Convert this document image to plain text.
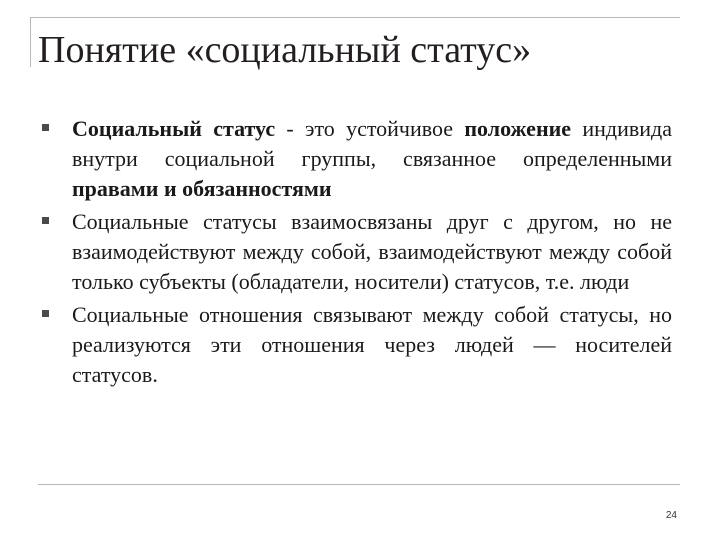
Понятие «социальный статус»
Социальный статус - это устойчивое положение индивида внутри социальной группы, связанное определенными правами и обязанностями
Социальные статусы взаимосвязаны друг с другом, но не взаимодействуют между собой, взаимодействуют между собой только субъекты (обладатели, носители) статусов, т.е. люди
Социальные отношения связывают между собой статусы, но реализуются эти отношения через людей — носителей статусов.
24
